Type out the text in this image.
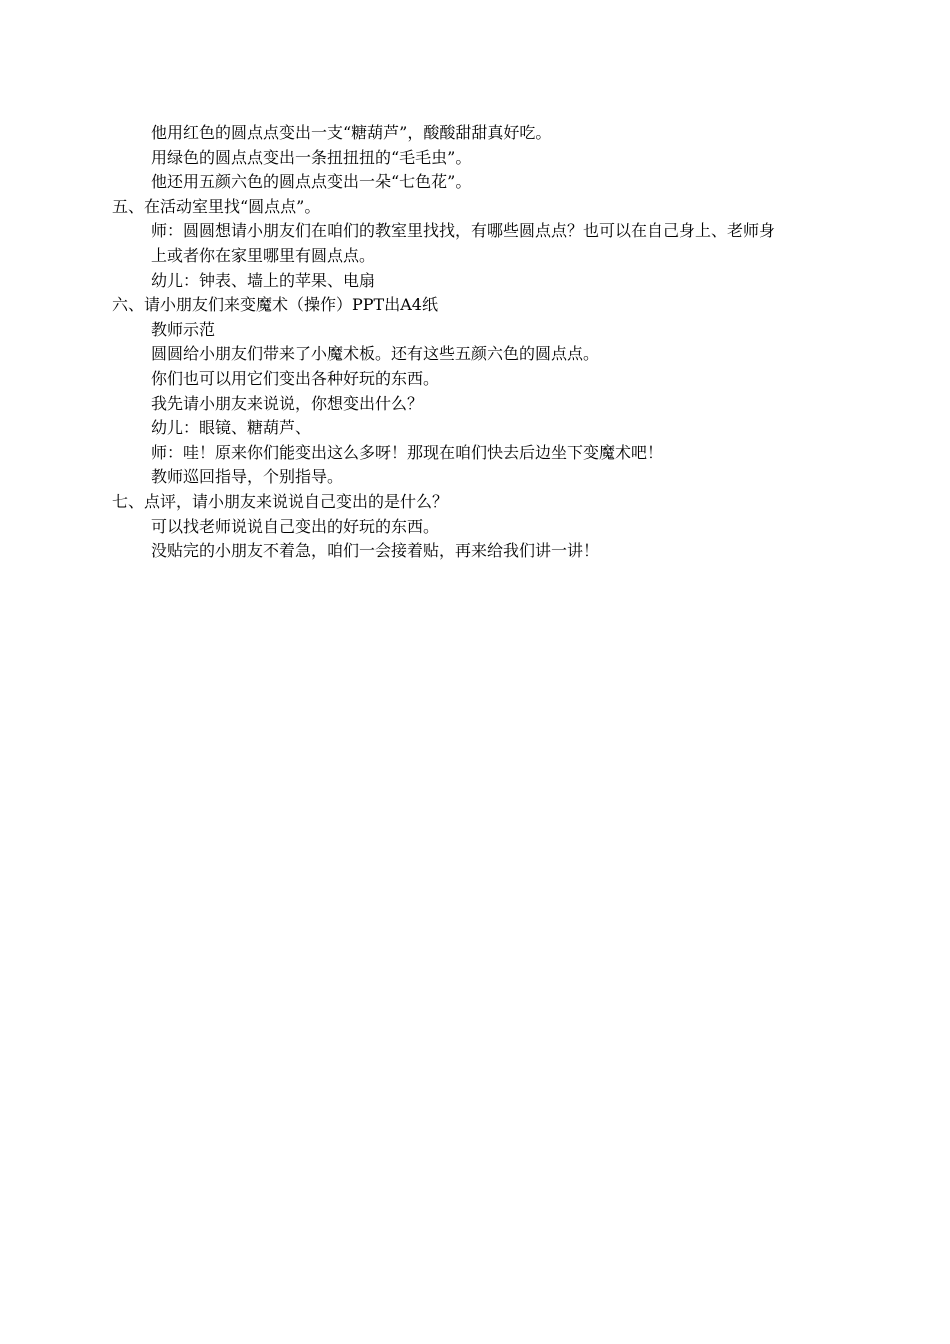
他用红色的圆点点变出一支“糖葫芦”，酸酸甜甜真好吃。

用绿色的圆点点变出一条扭扭扭的“毛毛虫”。

他还用五颜六色的圆点点变出一朵“七色花”。

五、在活动室里找“圆点点”。

师：圆圆想请小朋友们在咱们的教室里找找，有哪些圆点点？也可以在自己身上、老师身

上或者你在家里哪里有圆点点。

幼儿：钟表、墙上的苹果、电扇

六、请小朋友们来变魔术（操作）PPT出A4纸

教师示范

圆圆给小朋友们带来了小魔术板。还有这些五颜六色的圆点点。

你们也可以用它们变出各种好玩的东西。

我先请小朋友来说说，你想变出什么？

幼儿：眼镜、糖葫芦、

师：哇！原来你们能变出这么多呀！那现在咱们快去后边坐下变魔术吧！

教师巡回指导，个别指导。

七、点评，请小朋友来说说自己变出的是什么？

可以找老师说说自己变出的好玩的东西。

没贴完的小朋友不着急，咱们一会接着贴，再来给我们讲一讲！
